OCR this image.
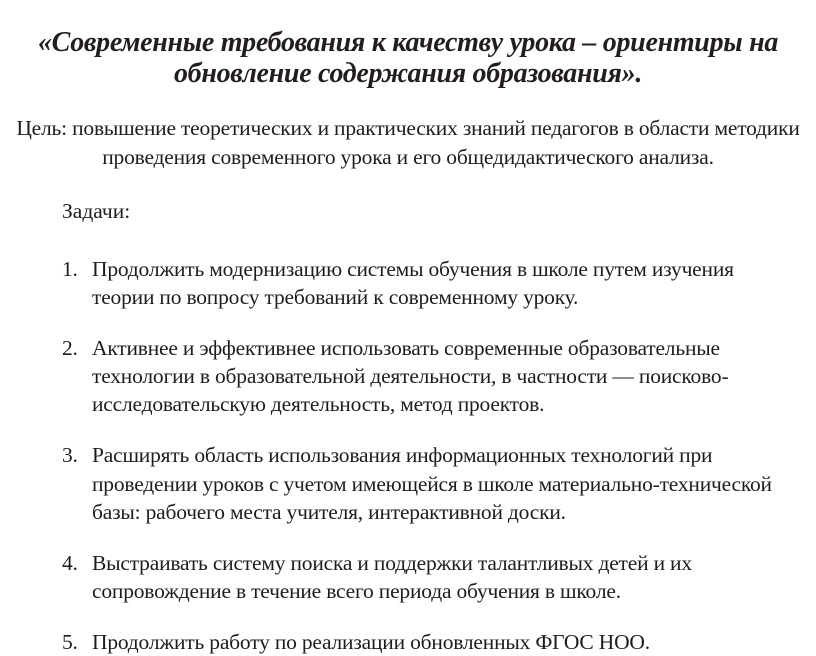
«Современные требования к качеству урока – ориентиры на обновление содержания образования».

Цель: повышение теоретических и практических знаний педагогов в области методики проведения современного урока и его общедидактического анализа.

Задачи:

1. Продолжить модернизацию системы обучения в школе путем изучения теории по вопросу требований к современному уроку.
2. Активнее и эффективнее использовать современные образовательные технологии в образовательной деятельности, в частности — поисково-исследовательскую деятельность, метод проектов.
3. Расширять область использования информационных технологий при проведении уроков с учетом имеющейся в школе материально-технической базы: рабочего места учителя, интерактивной доски.
4. Выстраивать систему поиска и поддержки талантливых детей и их сопровождение в течение всего периода обучения в школе.
5. Продолжить работу по реализации обновленных ФГОС НОО.
